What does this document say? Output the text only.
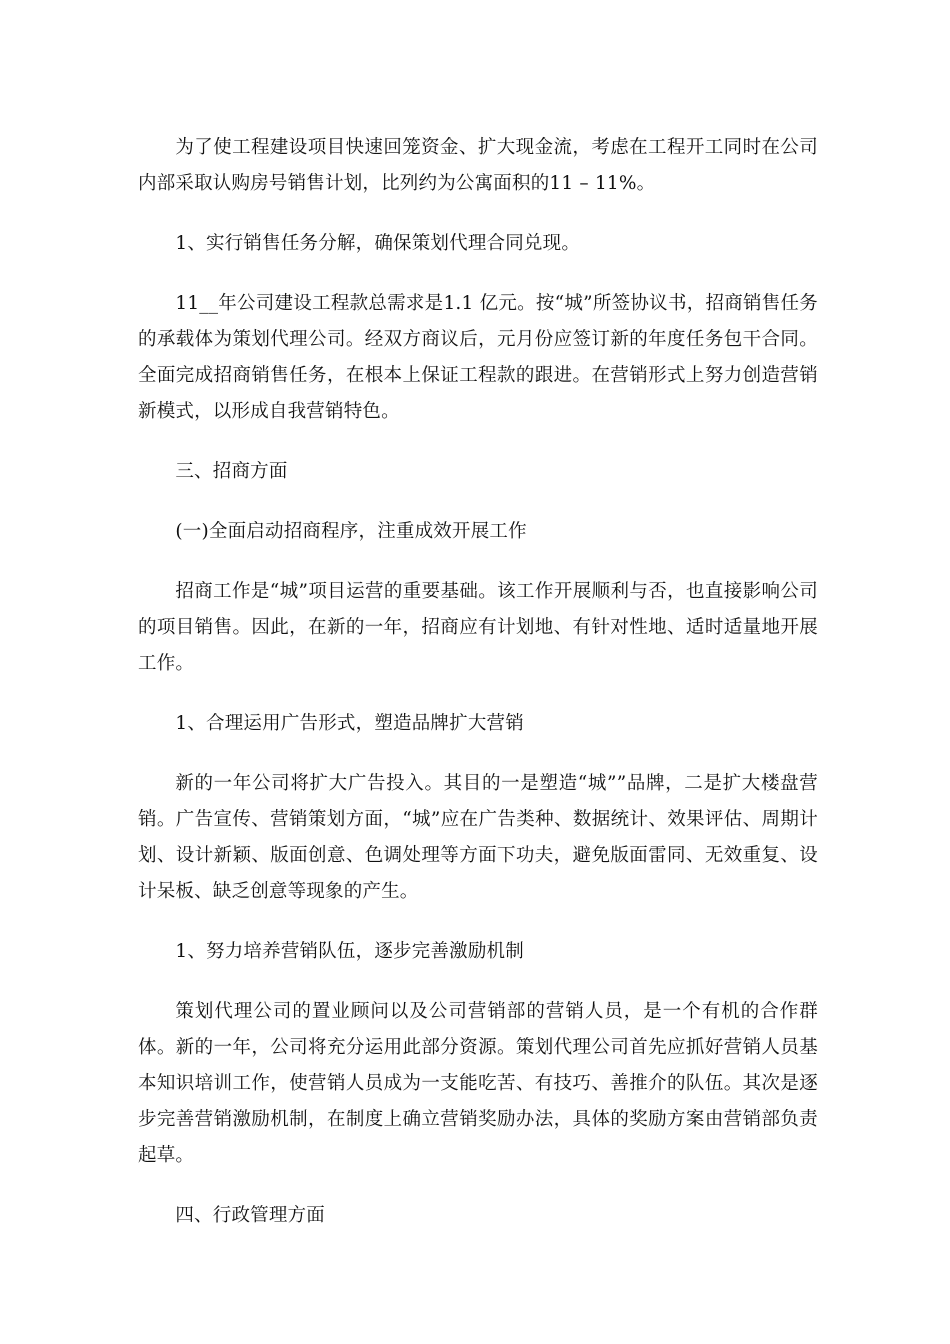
为了使工程建设项目快速回笼资金、扩大现金流，考虑在工程开工同时在公司内部采取认购房号销售计划，比列约为公寓面积的11 – 11%。

1、实行销售任务分解，确保策划代理合同兑现。

11__年公司建设工程款总需求是1.1 亿元。按“城”所签协议书，招商销售任务的承载体为策划代理公司。经双方商议后，元月份应签订新的年度任务包干合同。全面完成招商销售任务，在根本上保证工程款的跟进。在营销形式上努力创造营销新模式，以形成自我营销特色。

三、招商方面

(一)全面启动招商程序，注重成效开展工作

招商工作是“城”项目运营的重要基础。该工作开展顺利与否，也直接影响公司的项目销售。因此，在新的一年，招商应有计划地、有针对性地、适时适量地开展工作。

1、合理运用广告形式，塑造品牌扩大营销

新的一年公司将扩大广告投入。其目的一是塑造“城””品牌，二是扩大楼盘营销。广告宣传、营销策划方面，“城”应在广告类种、数据统计、效果评估、周期计划、设计新颖、版面创意、色调处理等方面下功夫，避免版面雷同、无效重复、设计呆板、缺乏创意等现象的产生。

1、努力培养营销队伍，逐步完善激励机制

策划代理公司的置业顾问以及公司营销部的营销人员，是一个有机的合作群体。新的一年，公司将充分运用此部分资源。策划代理公司首先应抓好营销人员基本知识培训工作，使营销人员成为一支能吃苦、有技巧、善推介的队伍。其次是逐步完善营销激励机制，在制度上确立营销奖励办法，具体的奖励方案由营销部负责起草。

四、行政管理方面
